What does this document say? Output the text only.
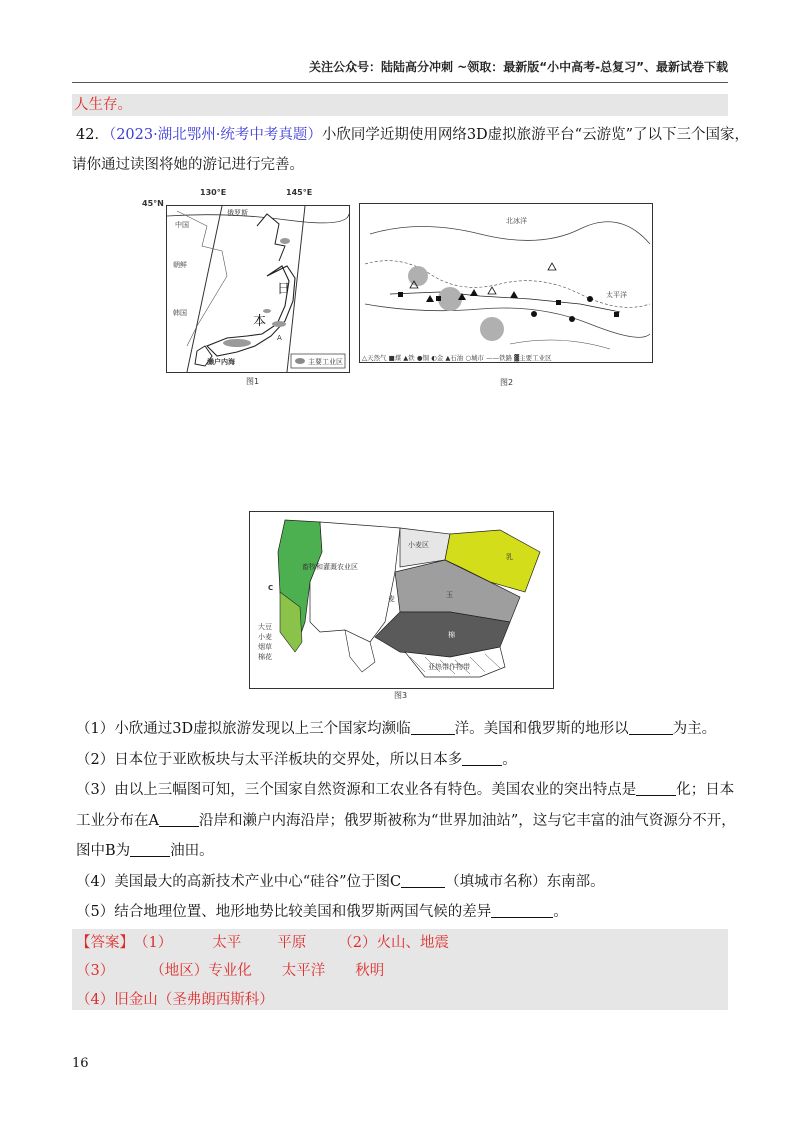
关注公众号：陆陆高分冲刺 ~领取：最新版“小中高考-总复习”、最新试卷下载
人生存。
42．（2023·湖北鄂州·统考中考真题）小欣同学近期使用网络3D虚拟旅游平台“云游览”了以下三个国家，
请你通过读图将她的游记进行完善。
中国
俄罗斯
朝鲜
韩国
日
本
A
濑户内海	主要工业区
45°N
130°E	145°E
图1
北冰洋
太平洋
△天然气 ■煤 ▲铁 ●铜 ◐金 ▲石油 ○城市 ——铁路 ▓主要工业区
图2
畜牧和灌溉农业区
小麦区
C
乳
麦	玉
棉
亚热带作物带
大豆
小麦
烟草
棉花
图3
（1）小欣通过3D虚拟旅游发现以上三个国家均濒临	洋。美国和俄罗斯的地形以	为主。
（2）日本位于亚欧板块与太平洋板块的交界处，所以日本多	。
（3）由以上三幅图可知，三个国家自然资源和工农业各有特色。美国农业的突出特点是	化；日本
工业分布在A	沿岸和濑户内海沿岸；俄罗斯被称为“世界加油站”，这与它丰富的油气资源分不开，
图中B为	油田。
（4）美国最大的高新技术产业中心“硅谷”位于图C	（填城市名称）东南部。
（5）结合地理位置、地形地势比较美国和俄罗斯两国气候的差异	。
【答案】（1）	太平 平原 （2）火山、地震
（3） （地区）专业化 太平洋 秋明
（4）旧金山（圣弗朗西斯科）
16
